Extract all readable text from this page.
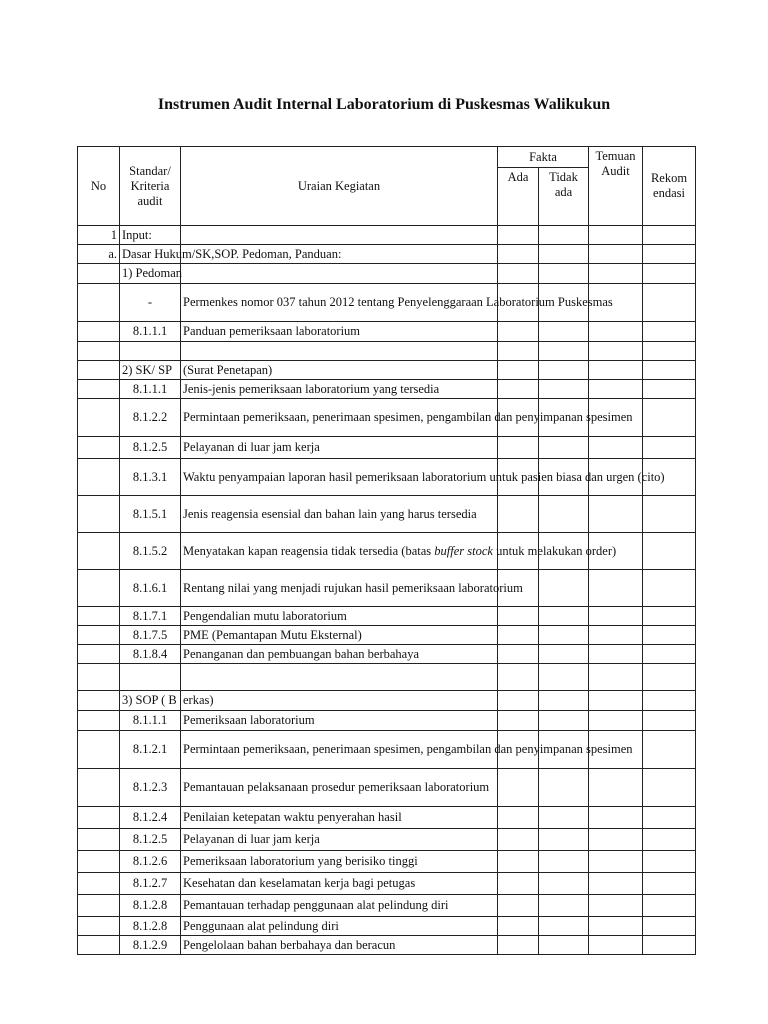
Instrumen Audit Internal Laboratorium di Puskesmas Walikukun
No	Standar/ Kriteria audit	Uraian Kegiatan	Fakta		Temuan Audit	Rekom endasi
			Ada	Tidak ada		
1	Input:					
a.	Dasar Hukum/SK,SOP. Pedoman, Panduan:					
	1) Pedoman					
	-	Permenkes nomor 037 tahun 2012 tentang Penyelenggaraan Laboratorium Puskesmas				
	8.1.1.1	Panduan pemeriksaan laboratorium				

	2) SK/ SP	(Surat Penetapan)				
	8.1.1.1	Jenis-jenis pemeriksaan laboratorium yang tersedia				
	8.1.2.2	Permintaan pemeriksaan, penerimaan spesimen, pengambilan dan penyimpanan spesimen				
	8.1.2.5	Pelayanan di luar jam kerja				
	8.1.3.1	Waktu penyampaian laporan hasil pemeriksaan laboratorium untuk pasien biasa dan urgen (cito)				
	8.1.5.1	Jenis reagensia esensial dan bahan lain yang harus tersedia				
	8.1.5.2	Menyatakan kapan reagensia tidak tersedia (batas buffer stock untuk melakukan order)				
	8.1.6.1	Rentang nilai yang menjadi rujukan hasil pemeriksaan laboratorium				
	8.1.7.1	Pengendalian mutu laboratorium				
	8.1.7.5	PME (Pemantapan Mutu Eksternal)				
	8.1.8.4	Penanganan dan pembuangan bahan berbahaya				

	3) SOP ( B	erkas)				
	8.1.1.1	Pemeriksaan laboratorium				
	8.1.2.1	Permintaan pemeriksaan, penerimaan spesimen, pengambilan dan penyimpanan spesimen				
	8.1.2.3	Pemantauan pelaksanaan prosedur pemeriksaan laboratorium				
	8.1.2.4	Penilaian ketepatan waktu penyerahan hasil				
	8.1.2.5	Pelayanan di luar jam kerja				
	8.1.2.6	Pemeriksaan laboratorium yang berisiko tinggi				
	8.1.2.7	Kesehatan dan keselamatan kerja bagi petugas				
	8.1.2.8	Pemantauan terhadap penggunaan alat pelindung diri				
	8.1.2.8	Penggunaan alat pelindung diri				
	8.1.2.9	Pengelolaan bahan berbahaya dan beracun				
